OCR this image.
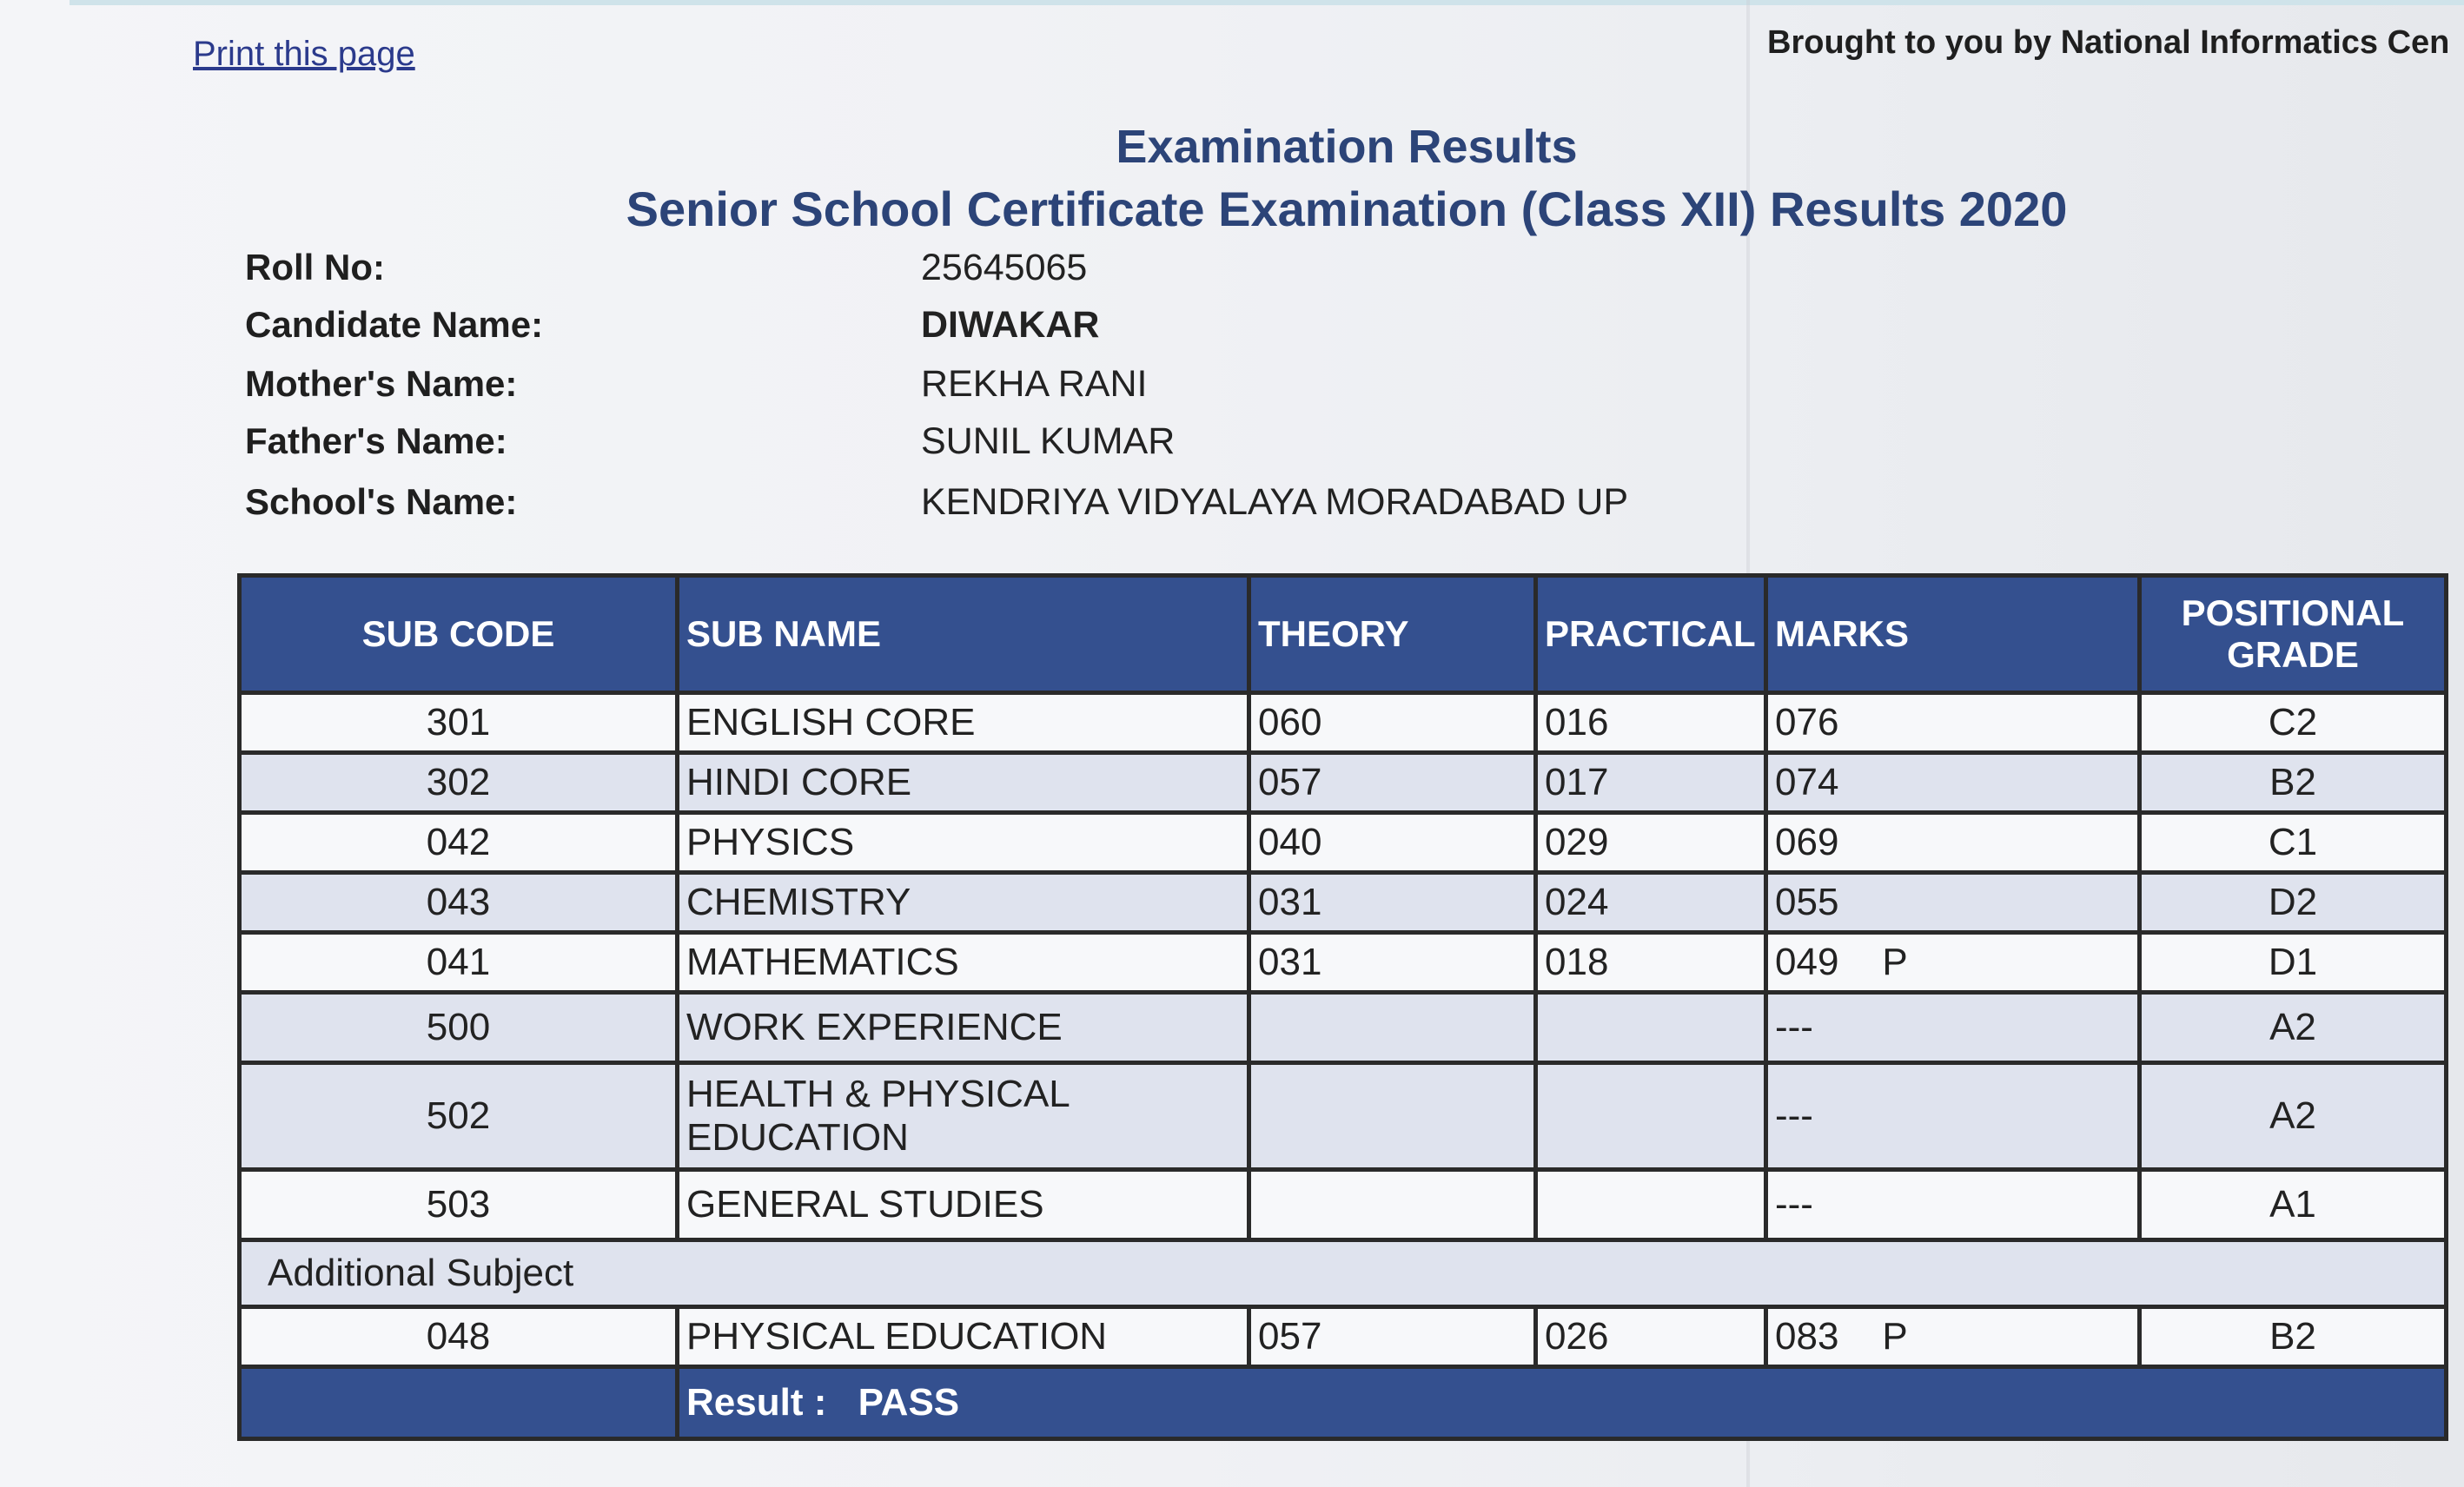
Print this page	Brought to you by National Informatics Cen
Examination Results
Senior School Certificate Examination (Class XII) Results 2020
Roll No:	25645065
Candidate Name:	DIWAKAR
Mother's Name:	REKHA RANI
Father's Name:	SUNIL KUMAR
School's Name:	KENDRIYA VIDYALAYA MORADABAD UP
SUB CODE	SUB NAME	THEORY	PRACTICAL	MARKS	POSITIONAL
GRADE

301	ENGLISH CORE	060	016	076	C2
302	HINDI CORE	057	017	074	B2
042	PHYSICS	040	029	069	C1
043	CHEMISTRY	031	024	055	D2
041	MATHEMATICS	031	018	049 P	D1
500	WORK EXPERIENCE			---	A2
502	HEALTH & PHYSICAL
EDUCATION			---	A2
503	GENERAL STUDIES			---	A1
Additional Subject					
048	PHYSICAL EDUCATION	057	026	083 P	B2
	Result : PASS				
